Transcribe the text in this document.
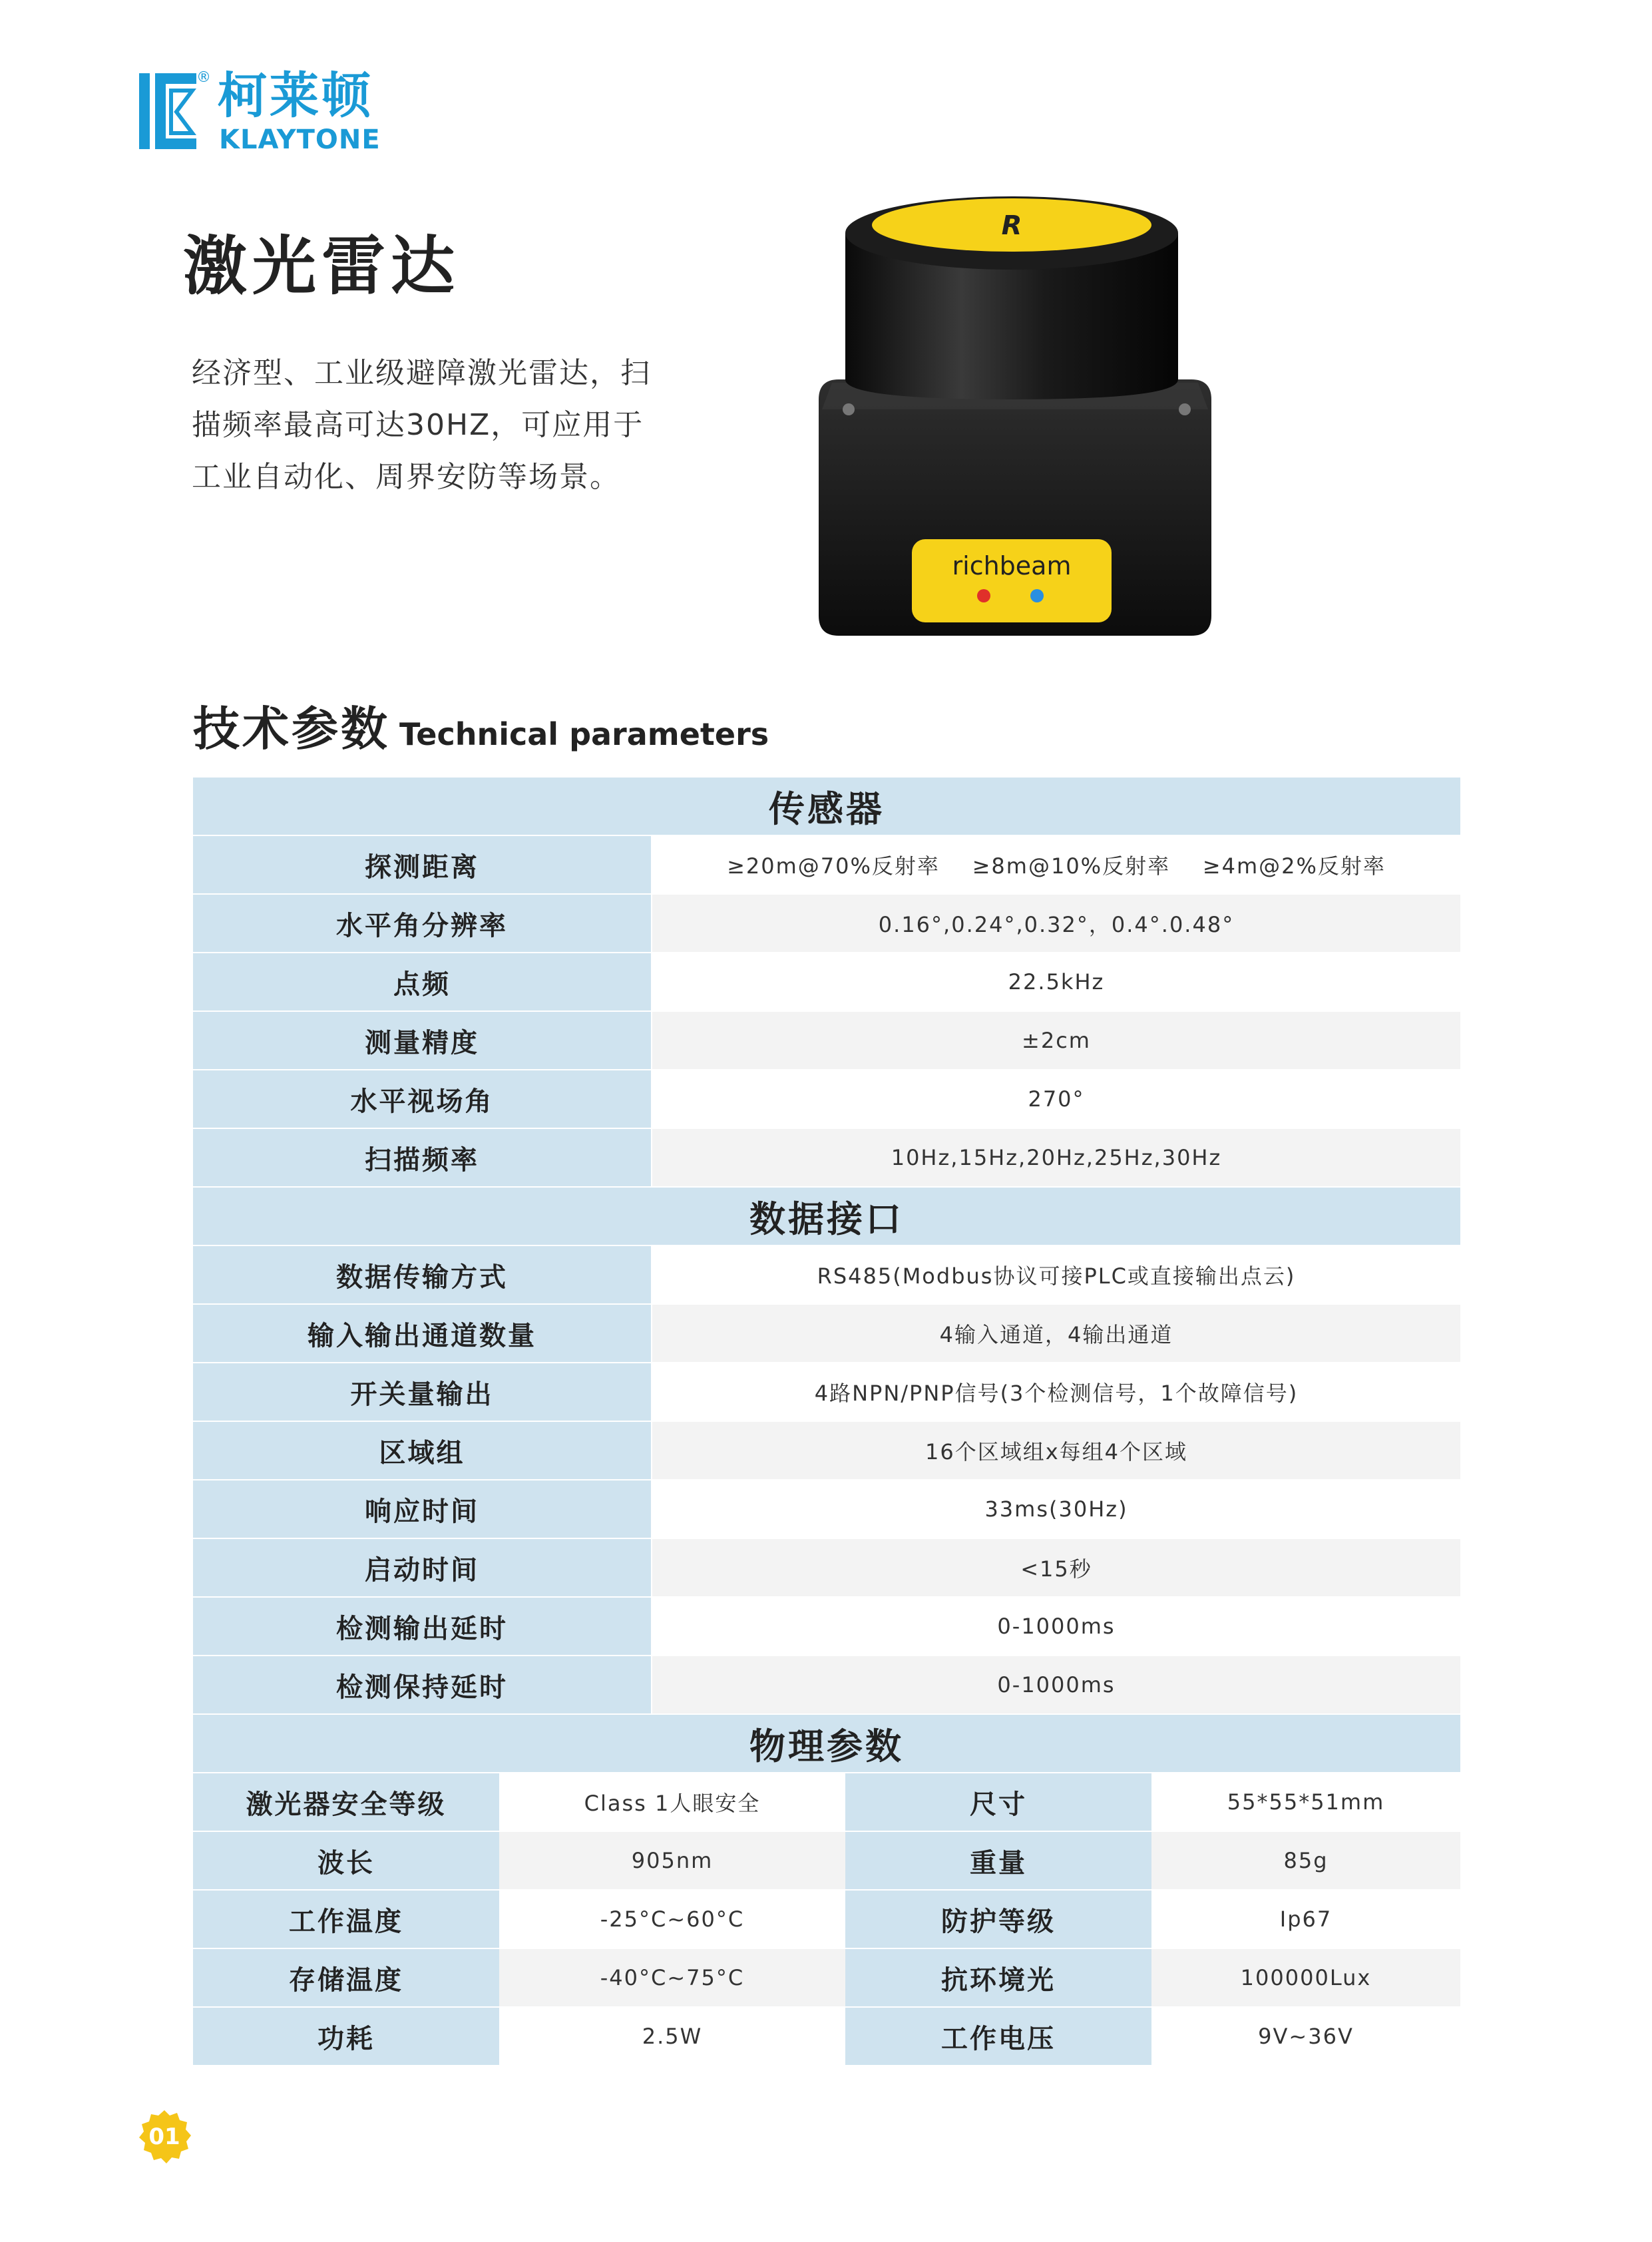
® 柯莱顿
KLAYTONE
激光雷达
经济型、工业级避障激光雷达，扫
描频率最高可达30HZ，可应用于
工业自动化、周界安防等场景。
R
richbeam
技术参数 Technical parameters
传感器
探测距离	≥20m@70%反射率    ≥8m@10%反射率    ≥4m@2%反射率
水平角分辨率	0.16°,0.24°,0.32°，0.4°.0.48°
点频	22.5kHz
测量精度	±2cm
水平视场角	270°
扫描频率	10Hz,15Hz,20Hz,25Hz,30Hz
数据接口
数据传输方式	RS485(Modbus协议可接PLC或直接输出点云)
输入输出通道数量	4输入通道，4输出通道
开关量输出	4路NPN/PNP信号(3个检测信号，1个故障信号)
区域组	16个区域组x每组4个区域
响应时间	33ms(30Hz)
启动时间	<15秒
检测输出延时	0-1000ms
检测保持延时	0-1000ms
物理参数
激光器安全等级	Class 1人眼安全	尺寸	55*55*51mm
波长	905nm	重量	85g
工作温度	-25°C~60°C	防护等级	Ip67
存储温度	-40°C~75°C	抗环境光	100000Lux
功耗	2.5W	工作电压	9V~36V
01
